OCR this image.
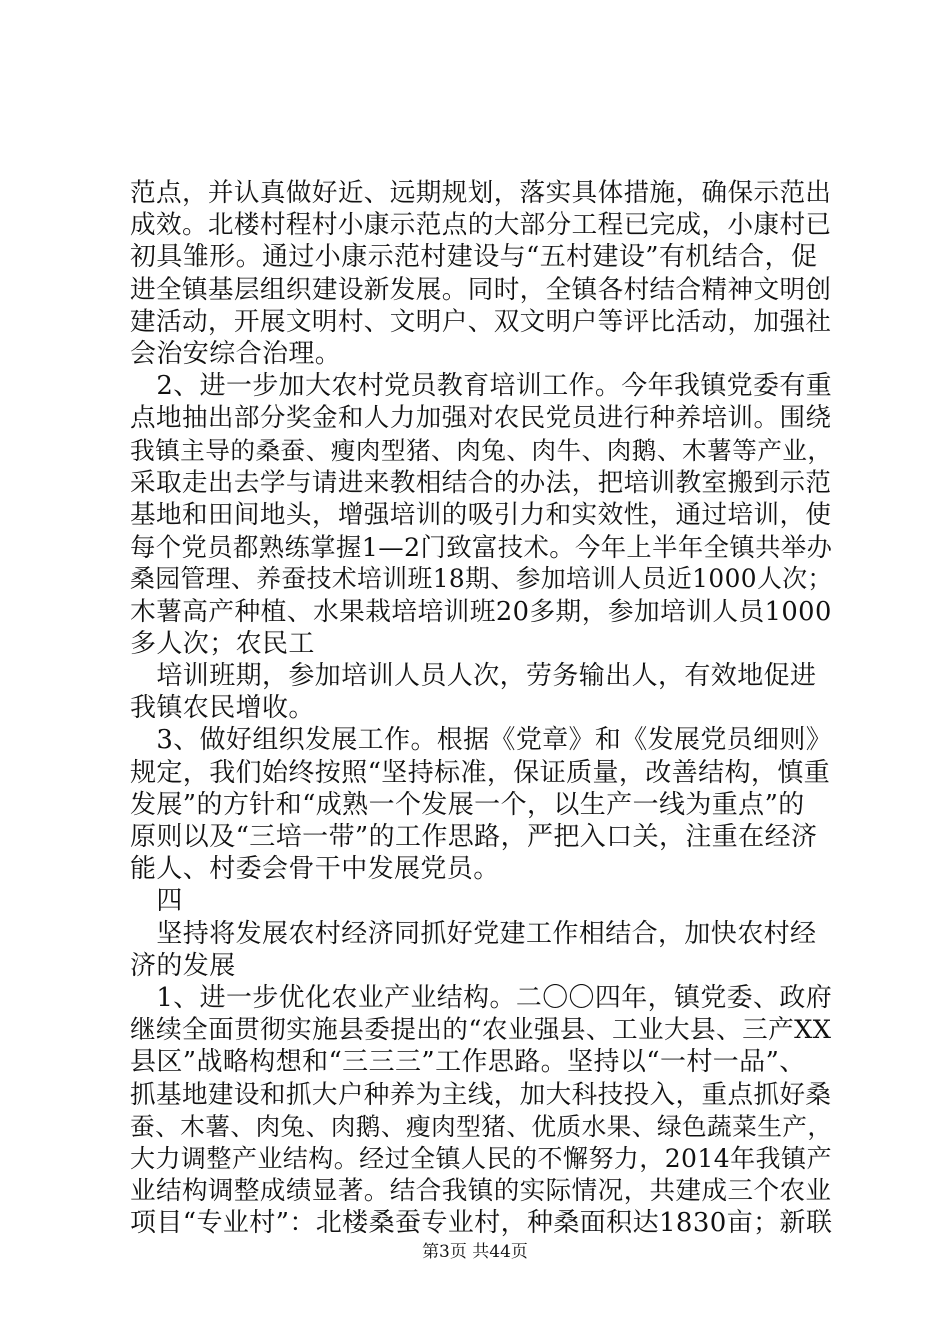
范点，并认真做好近、远期规划，落实具体措施，确保示范出
成效。北楼村程村小康示范点的大部分工程已完成，小康村已
初具雏形。通过小康示范村建设与“五村建设”有机结合，促
进全镇基层组织建设新发展。同时，全镇各村结合精神文明创
建活动，开展文明村、文明户、双文明户等评比活动，加强社
会治安综合治理。
　2、进一步加大农村党员教育培训工作。今年我镇党委有重
点地抽出部分奖金和人力加强对农民党员进行种养培训。围绕
我镇主导的桑蚕、瘦肉型猪、肉兔、肉牛、肉鹅、木薯等产业，
采取走出去学与请进来教相结合的办法，把培训教室搬到示范
基地和田间地头，增强培训的吸引力和实效性，通过培训，使
每个党员都熟练掌握1—2门致富技术。今年上半年全镇共举办
桑园管理、养蚕技术培训班18期、参加培训人员近1000人次；
木薯高产种植、水果栽培培训班20多期，参加培训人员1000
多人次；农民工
　培训班期，参加培训人员人次，劳务输出人，有效地促进
我镇农民增收。
　3、做好组织发展工作。根据《党章》和《发展党员细则》
规定，我们始终按照“坚持标准，保证质量，改善结构，慎重
发展”的方针和“成熟一个发展一个，以生产一线为重点”的
原则以及“三培一带”的工作思路，严把入口关，注重在经济
能人、村委会骨干中发展党员。
　四
　坚持将发展农村经济同抓好党建工作相结合，加快农村经
济的发展
　1、进一步优化农业产业结构。二〇〇四年，镇党委、政府
继续全面贯彻实施县委提出的“农业强县、工业大县、三产XX
县区”战略构想和“三三三”工作思路。坚持以“一村一品”、
抓基地建设和抓大户种养为主线，加大科技投入，重点抓好桑
蚕、木薯、肉兔、肉鹅、瘦肉型猪、优质水果、绿色蔬菜生产，
大力调整产业结构。经过全镇人民的不懈努力，2014年我镇产
业结构调整成绩显著。结合我镇的实际情况，共建成三个农业
项目“专业村”：北楼桑蚕专业村，种桑面积达1830亩；新联
第3页 共44页
